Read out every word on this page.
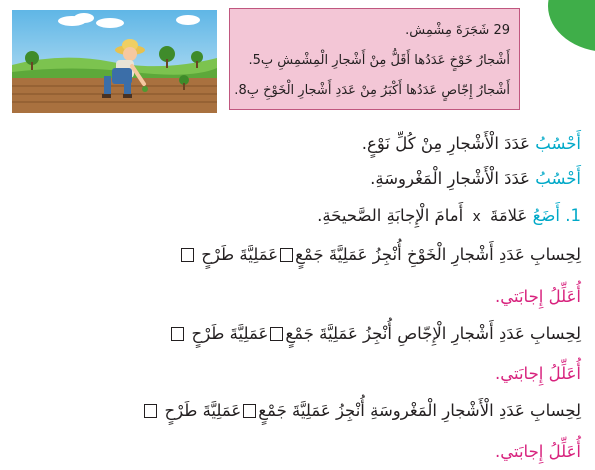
29 شَجَرَةَ مِشْمِش.
أَشْجارُ خَوْخٍ عَدَدُها أَقَلُّ مِنْ أَشْجارِ الْمِشْمِشِ بِ5.
أَشْجارُ إِجّاصٍ عَدَدُها أَكْبَرُ مِنْ عَدَدِ أَشْجارِ الْخَوْخِ بِ8.
أَحْسُبُ عَدَدَ الْأَشْجارِ مِنْ كُلِّ نَوْعٍ.
أَحْسُبُ عَدَدَ الْأَشْجارِ الْمَغْروسَةِ.
1. أَضَعُ عَلامَةَ x أَمامَ الْإِجابَةِ الصَّحيحَةِ.
لِحِسابِ عَدَدِ أَشْجارِ الْخَوْخِ أُنْجِزُ عَمَلِيَّةَ جَمْعٍعَمَلِيَّةَ طَرْحٍ
أُعَلِّلُ إِجابَتي.
لِحِسابِ عَدَدِ أَشْجارِ الْإِجّاصِ أُنْجِزُ عَمَلِيَّةَ جَمْعٍعَمَلِيَّةَ طَرْحٍ
أُعَلِّلُ إِجابَتي.
لِحِسابِ عَدَدِ الْأَشْجارِ الْمَغْروسَةِ أُنْجِزُ عَمَلِيَّةَ جَمْعٍعَمَلِيَّةَ طَرْحٍ
أُعَلِّلُ إِجابَتي.
